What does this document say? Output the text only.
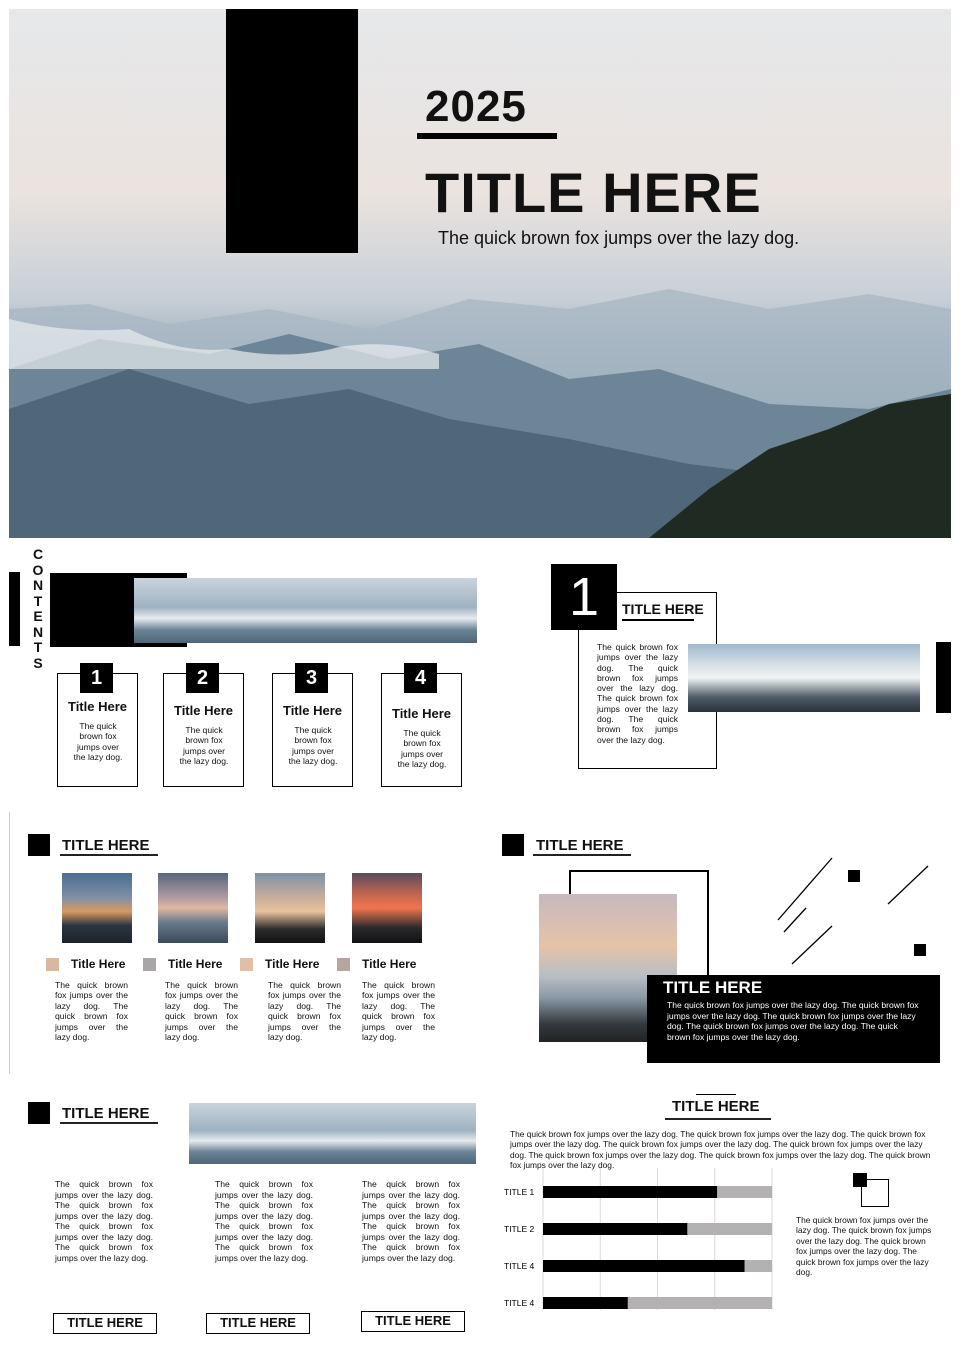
2025
TITLE HERE
The quick brown fox jumps over the lazy dog.
CONTENTS
1
Title Here
The quick brown fox jumps over the lazy dog.
2
Title Here
The quick brown fox jumps over the lazy dog.
3
Title Here
The quick brown fox jumps over the lazy dog.
4
Title Here
The quick brown fox jumps over the lazy dog.
1	TITLE HERE
The quick brown fox jumps over the lazy dog. The quick brown fox jumps over the lazy dog. The quick brown fox jumps over the lazy dog. The quick brown fox jumps over the lazy dog.
TITLE HERE
Title Here
The quick brown fox jumps over the lazy dog. The quick brown fox jumps over the lazy dog.
Title Here
The quick brown fox jumps over the lazy dog. The quick brown fox jumps over the lazy dog.
Title Here
The quick brown fox jumps over the lazy dog. The quick brown fox jumps over the lazy dog.
Title Here
The quick brown fox jumps over the lazy dog. The quick brown fox jumps over the lazy dog.
TITLE HERE
TITLE HERE
The quick brown fox jumps over the lazy dog. The quick brown fox jumps over the lazy dog. The quick brown fox jumps over the lazy dog. The quick brown fox jumps over the lazy dog. The quick brown fox jumps over the lazy dog.
TITLE HERE
The quick brown fox jumps over the lazy dog. The quick brown fox jumps over the lazy dog. The quick brown fox jumps over the lazy dog. The quick brown fox jumps over the lazy dog.
TITLE HERE
The quick brown fox jumps over the lazy dog. The quick brown fox jumps over the lazy dog. The quick brown fox jumps over the lazy dog. The quick brown fox jumps over the lazy dog.
TITLE HERE
The quick brown fox jumps over the lazy dog. The quick brown fox jumps over the lazy dog. The quick brown fox jumps over the lazy dog. The quick brown fox jumps over the lazy dog.
TITLE HERE
TITLE HERE
The quick brown fox jumps over the lazy dog. The quick brown fox jumps over the lazy dog. The quick brown fox jumps over the lazy dog. The quick brown fox jumps over the lazy dog. The quick brown fox jumps over the lazy dog. The quick brown fox jumps over the lazy dog. The quick brown fox jumps over the lazy dog. The quick brown fox jumps over the lazy dog.
TITLE 1
TITLE 2
TITLE 4
TITLE 4
The quick brown fox jumps over the lazy dog. The quick brown fox jumps over the lazy dog. The quick brown fox jumps over the lazy dog. The quick brown fox jumps over the lazy dog.
